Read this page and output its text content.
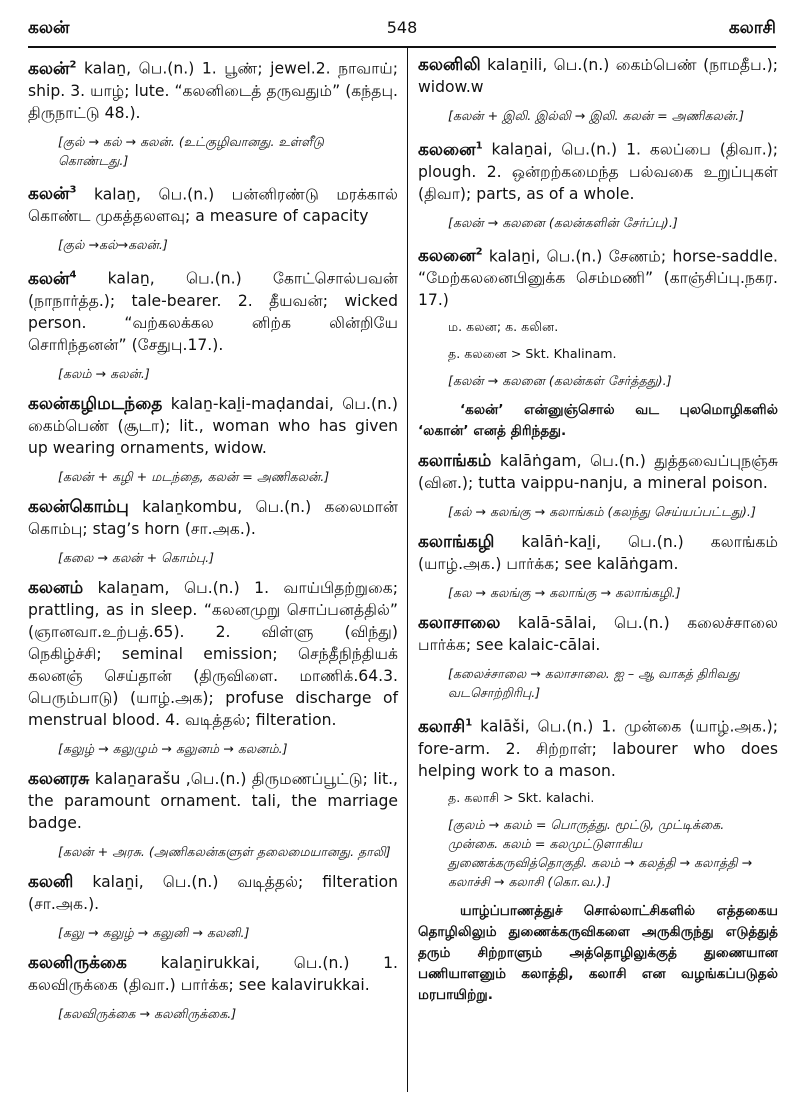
கலன்	548	கலாசி
கலன்$^2$ kalaṉ, பெ.(n.) 1. பூண்; jewel.2. நாவாய்; ship. 3. யாழ்; lute. “கலனிடைத் தருவதும்” (கந்தபு. திருநாட்டு 48.).
[குல் → கல் → கலன். (உட்குழிவானது. உள்ளீடு கொண்டது.]
கலன்$^3$ kalaṉ, பெ.(n.) பன்னிரண்டு மரக்கால் கொண்ட முகத்தலளவு; a measure of capacity
[குல் →கல்→கலன்.]
கலன்$^4$ kalaṉ, பெ.(n.) கோட்சொல்பவன் (நாநார்த்த.); tale-bearer. 2. தீயவன்; wicked person. “வற்கலக்கல னிற்க லின்றியே சொரிந்தனன்” (சேதுபு.17.).
[கலம் → கலன்.]
கலன்கழிமடந்தை kalaṉ-kaḻi-maḍandai, பெ.(n.) கைம்பெண் (சூடா); lit., woman who has given up wearing ornaments, widow.
[கலன் + கழி + மடந்தை, கலன் = அணிகலன்.]
கலன்கொம்பு kalaṉkombu, பெ.(n.) கலைமான் கொம்பு; stag’s horn (சா.அக.).
[கலை → கலன் + கொம்பு.]
கலனம் kalaṉam, பெ.(n.) 1. வாய்பிதற்றுகை; prattling, as in sleep. “கலனமுறு சொப்பனத்தில்” (ஞானவா.உற்பத்.65). 2. விள்ளு (விந்து) நெகிழ்ச்சி; seminal emission; செந்தீநிந்தியக் கலனஞ் செய்தான் (திருவிளை. மாணிக்.64.3. பெரும்பாடு) (யாழ்.அக); profuse discharge of menstrual blood. 4. வடித்தல்; filteration.
[கலுழ் → கலுழும் → கலுனம் → கலனம்.]
கலனரசு kalaṉarašu ,பெ.(n.) திருமணப்பூட்டு; lit., the paramount ornament. tali, the marriage badge.
[கலன் + அரசு. (அணிகலன்களுள் தலைமையானது. தாலி]
கலனி kalaṉi, பெ.(n.) வடித்தல்; filteration (சா.அக.).
[கலு → கலுழ் → கலுனி → கலனி.]
கலனிருக்கை kalaṉirukkai, பெ.(n.) 1. கலவிருக்கை (திவா.) பார்க்க; see kalavirukkai.
[கலவிருக்கை → கலனிருக்கை.]
கலனிலி kalaṉili, பெ.(n.) கைம்பெண் (நாமதீப.); widow.w
[கலன் + இலி. இல்லி → இலி. கலன் = அணிகலன்.]
கலனை$^1$ kalaṉai, பெ.(n.) 1. கலப்பை (திவா.); plough. 2. ஒன்றற்கமைந்த பல்வகை உறுப்புகள் (திவா); parts, as of a whole.
[கலன் → கலனை (கலன்களின் சேர்ப்பு).]
கலனை$^2$ kalaṉi, பெ.(n.) சேணம்; horse-saddle. “மேற்கலனைபினுக்க செம்மணி” (காஞ்சிப்பு.நகர. 17.)
ம. கலன; க. கலின.
த. கலனை > Skt. Khalinam.
[கலன் → கலனை (கலன்கள் சேர்த்தது).]
‘கலன்’ என்னுஞ்சொல் வட புலமொழிகளில் ‘லகான்’ எனத் திரிந்தது.
கலாங்கம் kalāṅgam, பெ.(n.) துத்தவைப்புநஞ்சு (வின.); tutta vaippu-nanju, a mineral poison.
[கல் → கலங்கு → கலாங்கம் (கலந்து செய்யப்பட்டது).]
கலாங்கழி kalāṅ-kaḻi, பெ.(n.) கலாங்கம் (யாழ்.அக.) பார்க்க; see kalāṅgam.
[கல → கலங்கு → கலாங்கு → கலாங்கழி.]
கலாசாலை kalā-sālai, பெ.(n.) கலைச்சாலை பார்க்க; see kalaic-cālai.
[கலைச்சாலை → கலாசாலை. ஐ – ஆ வாகத் திரிவது வடசொற்றிரிபு.]
கலாசி$^1$ kalāši, பெ.(n.) 1. முன்கை (யாழ்.அக.); fore-arm. 2. சிற்றாள்; labourer who does helping work to a mason.
த. கலாசி > Skt. kalachi.
[குலம் → கலம் = பொருத்து. மூட்டு, முட்டிக்கை. முன்கை. கலம் = கலமுட்டுளாகிய துணைக்கருவித்தொகுதி. கலம் → கலத்தி → கலாத்தி → கலாச்சி → கலாசி (கொ.வ.).]
யாழ்ப்பாணத்துச் சொல்லாட்சிகளில் எத்தகைய தொழிலிலும் துணைக்கருவிகளை அருகிருந்து எடுத்துத் தரும் சிற்றாளும் அத்தொழிலுக்குத் துணையான பணியாளனும் கலாத்தி, கலாசி என வழங்கப்படுதல் மரபாயிற்று.
